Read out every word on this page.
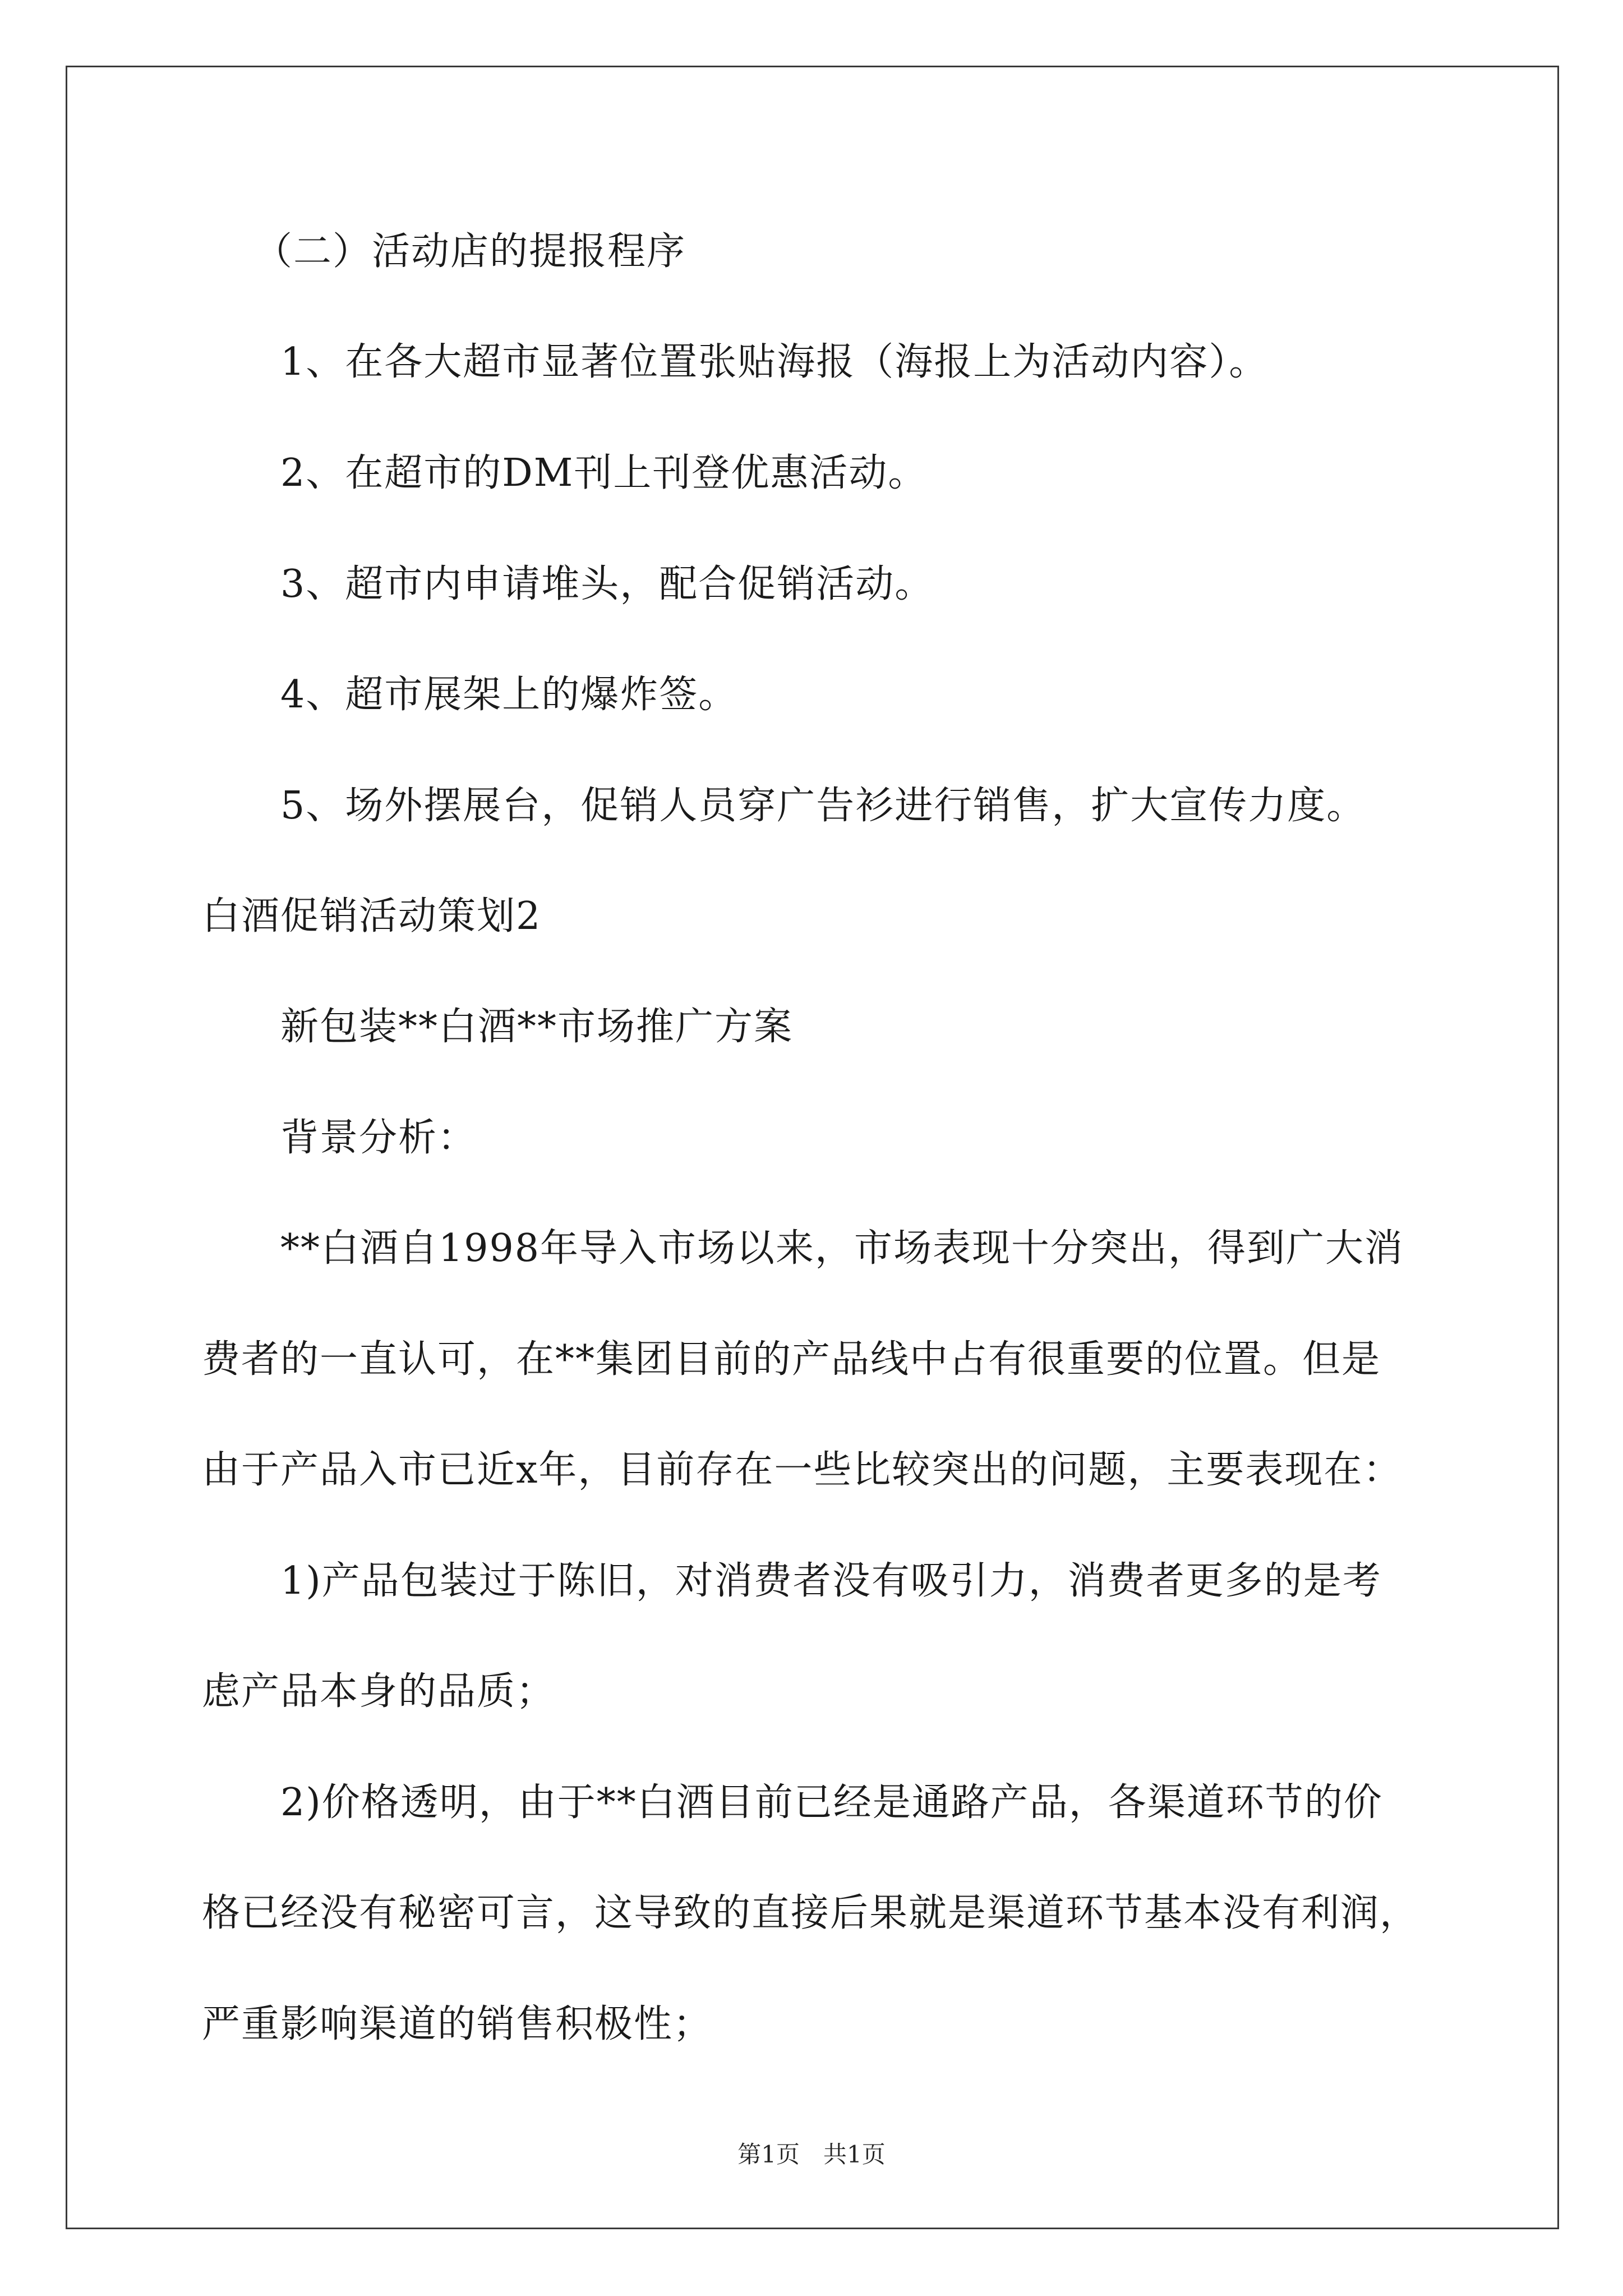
（二）活动店的提报程序
1、在各大超市显著位置张贴海报（海报上为活动内容）。
2、在超市的DM刊上刊登优惠活动。
3、超市内申请堆头，配合促销活动。
4、超市展架上的爆炸签。
5、场外摆展台，促销人员穿广告衫进行销售，扩大宣传力度。
白酒促销活动策划2
新包装**白酒**市场推广方案
背景分析：
**白酒自1998年导入市场以来，市场表现十分突出，得到广大消
费者的一直认可，在**集团目前的产品线中占有很重要的位置。但是
由于产品入市已近x年，目前存在一些比较突出的问题，主要表现在：
1)产品包装过于陈旧，对消费者没有吸引力，消费者更多的是考
虑产品本身的品质；
2)价格透明，由于**白酒目前已经是通路产品，各渠道环节的价
格已经没有秘密可言，这导致的直接后果就是渠道环节基本没有利润，
严重影响渠道的销售积极性；
第1页　共1页
